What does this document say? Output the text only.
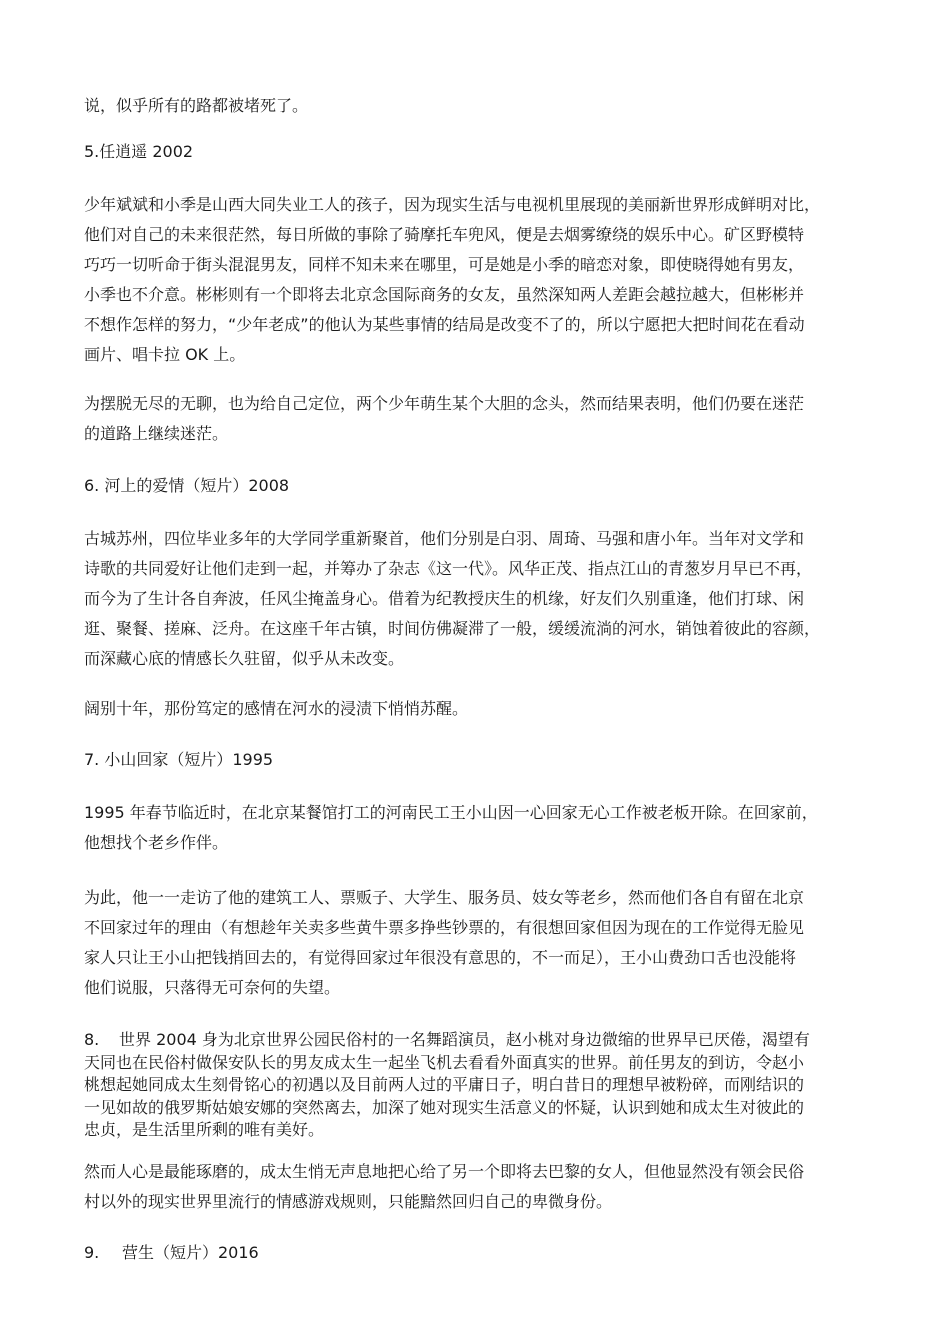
说，似乎所有的路都被堵死了。

5.任逍遥 2002

少年斌斌和小季是山西大同失业工人的孩子，因为现实生活与电视机里展现的美丽新世界形成鲜明对比，
他们对自己的未来很茫然，每日所做的事除了骑摩托车兜风，便是去烟雾缭绕的娱乐中心。矿区野模特
巧巧一切听命于街头混混男友，同样不知未来在哪里，可是她是小季的暗恋对象，即使晓得她有男友，
小季也不介意。彬彬则有一个即将去北京念国际商务的女友，虽然深知两人差距会越拉越大，但彬彬并
不想作怎样的努力，“少年老成”的他认为某些事情的结局是改变不了的，所以宁愿把大把时间花在看动
画片、唱卡拉 OK 上。

为摆脱无尽的无聊，也为给自己定位，两个少年萌生某个大胆的念头，然而结果表明，他们仍要在迷茫
的道路上继续迷茫。

6. 河上的爱情（短片）2008

古城苏州，四位毕业多年的大学同学重新聚首，他们分别是白羽、周琦、马强和唐小年。当年对文学和
诗歌的共同爱好让他们走到一起，并筹办了杂志《这一代》。风华正茂、指点江山的青葱岁月早已不再，
而今为了生计各自奔波，任风尘掩盖身心。借着为纪教授庆生的机缘，好友们久别重逢，他们打球、闲
逛、聚餐、搓麻、泛舟。在这座千年古镇，时间仿佛凝滞了一般，缓缓流淌的河水，销蚀着彼此的容颜，
而深藏心底的情感长久驻留，似乎从未改变。

阔别十年，那份笃定的感情在河水的浸渍下悄悄苏醒。

7. 小山回家（短片）1995

1995 年春节临近时，在北京某餐馆打工的河南民工王小山因一心回家无心工作被老板开除。在回家前，
他想找个老乡作伴。

为此，他一一走访了他的建筑工人、票贩子、大学生、服务员、妓女等老乡，然而他们各自有留在北京
不回家过年的理由（有想趁年关卖多些黄牛票多挣些钞票的，有很想回家但因为现在的工作觉得无脸见
家人只让王小山把钱捎回去的，有觉得回家过年很没有意思的，不一而足），王小山费劲口舌也没能将
他们说服，只落得无可奈何的失望。

8. 世界 2004 身为北京世界公园民俗村的一名舞蹈演员，赵小桃对身边微缩的世界早已厌倦，渴望有
天同也在民俗村做保安队长的男友成太生一起坐飞机去看看外面真实的世界。前任男友的到访，令赵小
桃想起她同成太生刻骨铭心的初遇以及目前两人过的平庸日子，明白昔日的理想早被粉碎，而刚结识的
一见如故的俄罗斯姑娘安娜的突然离去，加深了她对现实生活意义的怀疑，认识到她和成太生对彼此的
忠贞，是生活里所剩的唯有美好。

然而人心是最能琢磨的，成太生悄无声息地把心给了另一个即将去巴黎的女人，但他显然没有领会民俗
村以外的现实世界里流行的情感游戏规则，只能黯然回归自己的卑微身份。

9. 营生（短片）2016
